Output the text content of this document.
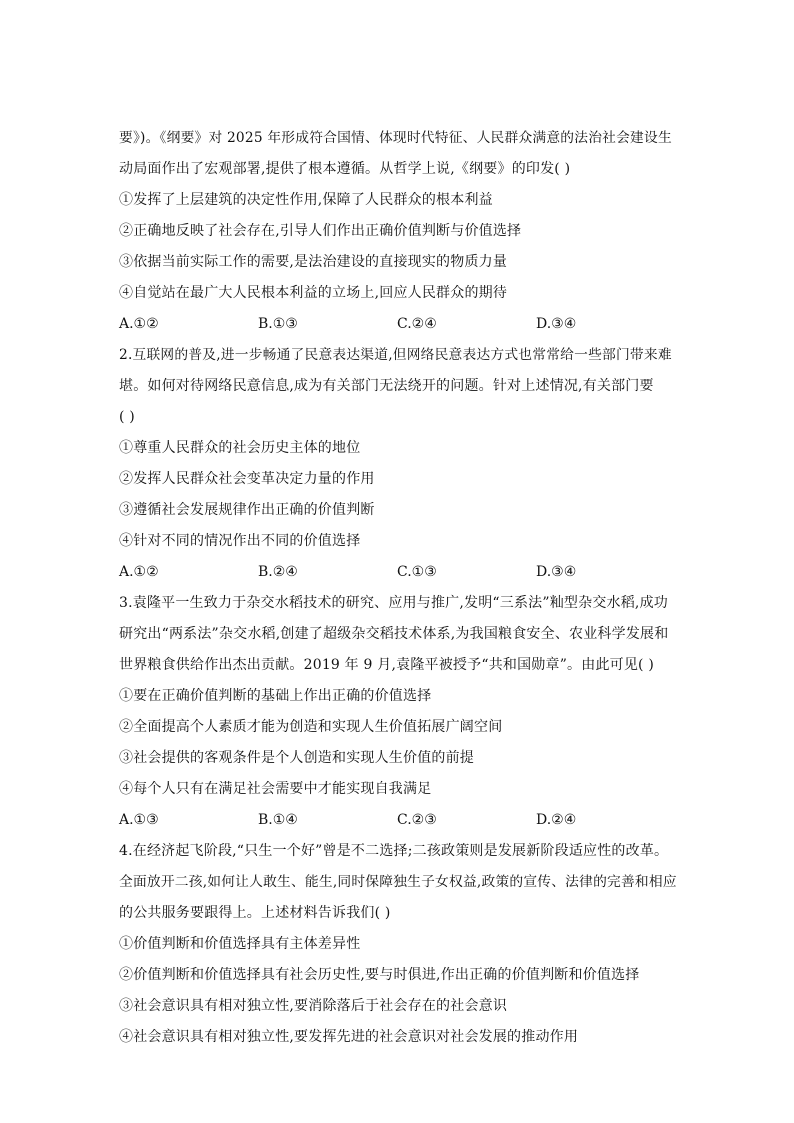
要》)。《纲要》对 2025 年形成符合国情、体现时代特征、人民群众满意的法治社会建设生
动局面作出了宏观部署,提供了根本遵循。从哲学上说,《纲要》的印发( )
①发挥了上层建筑的决定性作用,保障了人民群众的根本利益
②正确地反映了社会存在,引导人们作出正确价值判断与价值选择
③依据当前实际工作的需要,是法治建设的直接现实的物质力量
④自觉站在最广大人民根本利益的立场上,回应人民群众的期待
A.①②	B.①③	C.②④	D.③④
2.互联网的普及,进一步畅通了民意表达渠道,但网络民意表达方式也常常给一些部门带来难
堪。如何对待网络民意信息,成为有关部门无法绕开的问题。针对上述情况,有关部门要
( )
①尊重人民群众的社会历史主体的地位
②发挥人民群众社会变革决定力量的作用
③遵循社会发展规律作出正确的价值判断
④针对不同的情况作出不同的价值选择
A.①②	B.②④	C.①③	D.③④
3.袁隆平一生致力于杂交水稻技术的研究、应用与推广,发明“三系法”籼型杂交水稻,成功
研究出“两系法”杂交水稻,创建了超级杂交稻技术体系,为我国粮食安全、农业科学发展和
世界粮食供给作出杰出贡献。2019 年 9 月,袁隆平被授予“共和国勋章”。由此可见( )
①要在正确价值判断的基础上作出正确的价值选择
②全面提高个人素质才能为创造和实现人生价值拓展广阔空间
③社会提供的客观条件是个人创造和实现人生价值的前提
④每个人只有在满足社会需要中才能实现自我满足
A.①③	B.①④	C.②③	D.②④
4.在经济起飞阶段,“只生一个好”曾是不二选择;二孩政策则是发展新阶段适应性的改革。
全面放开二孩,如何让人敢生、能生,同时保障独生子女权益,政策的宣传、法律的完善和相应
的公共服务要跟得上。上述材料告诉我们( )
①价值判断和价值选择具有主体差异性
②价值判断和价值选择具有社会历史性,要与时俱进,作出正确的价值判断和价值选择
③社会意识具有相对独立性,要消除落后于社会存在的社会意识
④社会意识具有相对独立性,要发挥先进的社会意识对社会发展的推动作用
